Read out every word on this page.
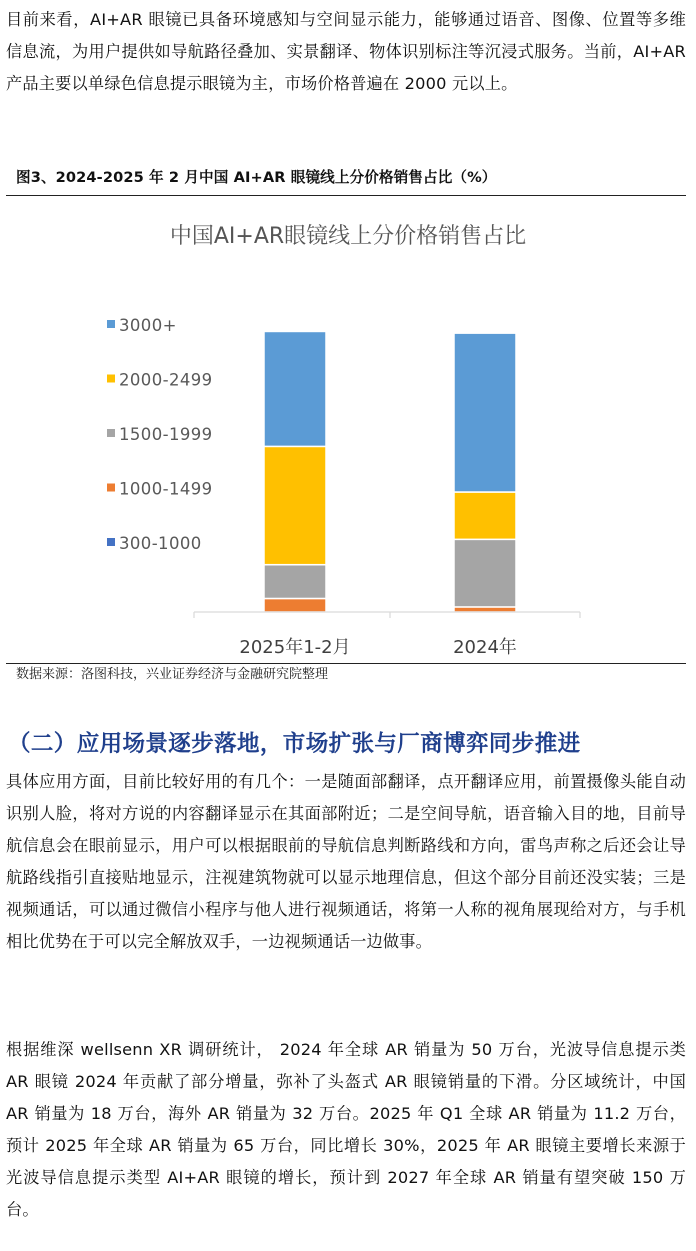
目前来看，AI+AR 眼镜已具备环境感知与空间显示能力，能够通过语音、图像、位置等多维信息流，为用户提供如导航路径叠加、实景翻译、物体识别标注等沉浸式服务。当前，AI+AR 产品主要以单绿色信息提示眼镜为主，市场价格普遍在 2000 元以上。

图3、2024-2025 年 2 月中国 AI+AR 眼镜线上分价格销售占比（%）
中国AI+AR眼镜线上分价格销售占比
3000+
2000-2499
1500-1999
1000-1499
300-1000
2025年1-2月	2024年
数据来源：洛图科技，兴业证券经济与金融研究院整理
（二）应用场景逐步落地，市场扩张与厂商博弈同步推进

具体应用方面，目前比较好用的有几个：一是随面部翻译，点开翻译应用，前置摄像头能自动识别人脸，将对方说的内容翻译显示在其面部附近；二是空间导航，语音输入目的地，目前导航信息会在眼前显示，用户可以根据眼前的导航信息判断路线和方向，雷鸟声称之后还会让导航路线指引直接贴地显示，注视建筑物就可以显示地理信息，但这个部分目前还没实装；三是视频通话，可以通过微信小程序与他人进行视频通话，将第一人称的视角展现给对方，与手机相比优势在于可以完全解放双手，一边视频通话一边做事。

根据维深 wellsenn XR 调研统计， 2024 年全球 AR 销量为 50 万台，光波导信息提示类 AR 眼镜 2024 年贡献了部分增量，弥补了头盔式 AR 眼镜销量的下滑。分区域统计，中国 AR 销量为 18 万台，海外 AR 销量为 32 万台。2025 年 Q1 全球 AR 销量为 11.2 万台，预计 2025 年全球 AR 销量为 65 万台，同比增长 30%，2025 年 AR 眼镜主要增长来源于光波导信息提示类型 AI+AR 眼镜的增长，预计到 2027 年全球 AR 销量有望突破 150 万台。
